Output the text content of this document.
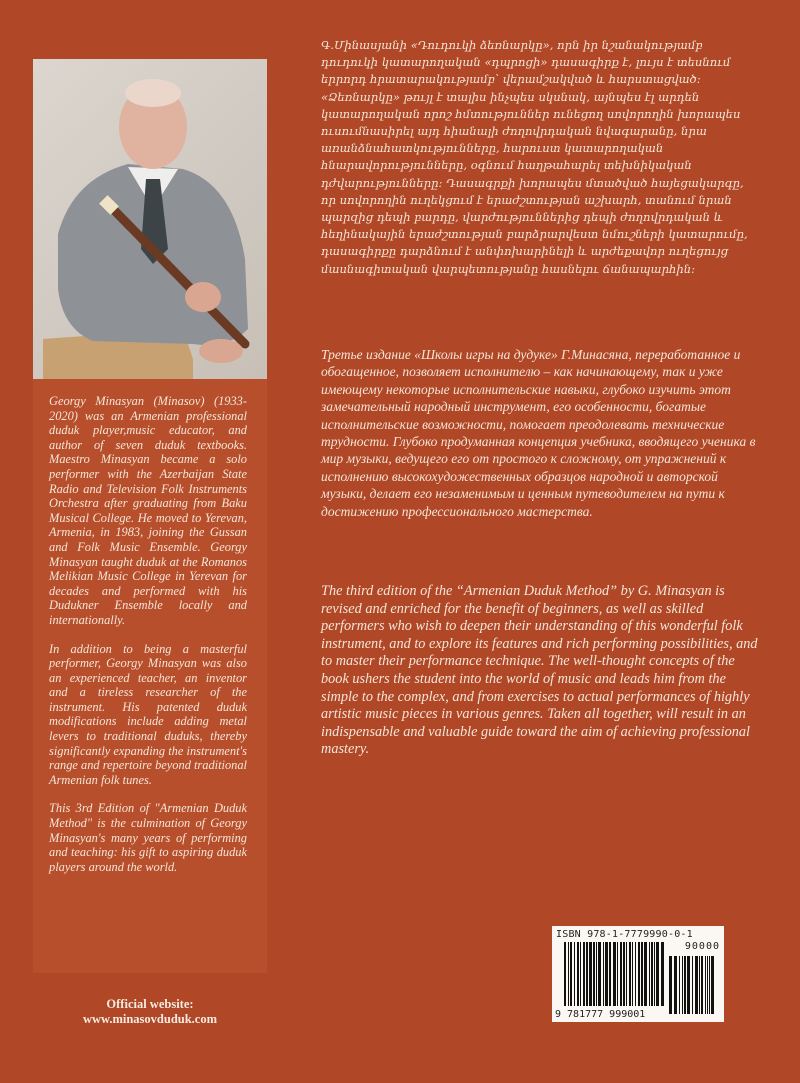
Georgy Minasyan (Minasov) (1933-2020) was an Armenian professional duduk player,music educator, and author of seven duduk textbooks. Maestro Minasyan became a solo performer with the Azerbaijan State Radio and Television Folk Instruments Orchestra after graduating from Baku Musical College. He moved to Yerevan, Armenia, in 1983, joining the Gussan and Folk Music Ensemble. Georgy Minasyan taught duduk at the Romanos Melikian Music College in Yerevan for decades and performed with his Dudukner Ensemble locally and internationally.

In addition to being a masterful performer, Georgy Minasyan was also an experienced teacher, an inventor and a tireless researcher of the instrument. His patented duduk modifications include adding metal levers to traditional duduks, thereby significantly expanding the instrument's range and repertoire beyond traditional Armenian folk tunes.

This 3rd Edition of "Armenian Duduk Method" is the culmination of Georgy Minasyan's many years of performing and teaching: his gift to aspiring duduk players around the world.

Official website:
www.minasovduduk.com

Գ.Մինասյանի «Դուդուկի ձեռնարկը», որն իր նշանակությամբ դուդուկի կատարողական «դպրոցի» դասագիրք է, լույս է տեսնում երրորդ հրատարակությամբ՝ վերամշակված և հարստացված: «Ձեռնարկը» թույլ է տալիս ինչպես սկսնակ, այնպես էլ արդեն կատարողական որոշ հմտություններ ունեցող սովորողին խորապես ուսումնասիրել այդ հիանալի ժողովրդական նվագարանը, նրա առանձնահատկությունները, հարուստ կատարողական հնարավորությունները, օգնում հաղթահարել տեխնիկական դժվարությունները: Դասագրքի խորապես մտածված հայեցակարգը, որ սովորողին ուղեկցում է երաժշտության աշխարհ, տանում նրան պարզից դեպի բարդը, վարժություններից դեպի ժողովրդական և հեղինակային երաժշտության բարձրարվեստ նմուշների կատարումը, դասագիրքը դարձնում է անփոխարինելի և արժեքավոր ուղեցույց մասնագիտական վարպետությանը հասնելու ճանապարհին:

Третье издание «Школы игры на дудуке» Г.Минасяна, переработанное и обогащенное, позволяет исполнителю – как начинающему, так и уже имеющему некоторые исполнительские навыки, глубоко изучить этот замечательный народный инструмент, его особенности, богатые исполнительские возможности, помогает преодолевать технические трудности. Глубоко продуманная концепция учебника, вводящего ученика в мир музыки, ведущего его от простого к сложному, от упражнений к исполнению высокохудожественных образцов народной и авторской музыки, делает его незаменимым и ценным путеводителем на пути к достижению профессионального мастерства.

The third edition of the “Armenian Duduk Method” by G. Minasyan is revised and enriched for the benefit of beginners, as well as skilled performers who wish to deepen their understanding of this wonderful folk instrument, and to explore its features and rich performing possibilities, and to master their performance technique. The well-thought concepts of the book ushers the student into the world of music and leads him from the simple to the complex, and from exercises to actual performances of highly artistic music pieces in various genres. Taken all together, will result in an indispensable and valuable guide toward the aim of achieving professional mastery.

ISBN 978-1-7779990-0-1
90000
9 781777 999001
